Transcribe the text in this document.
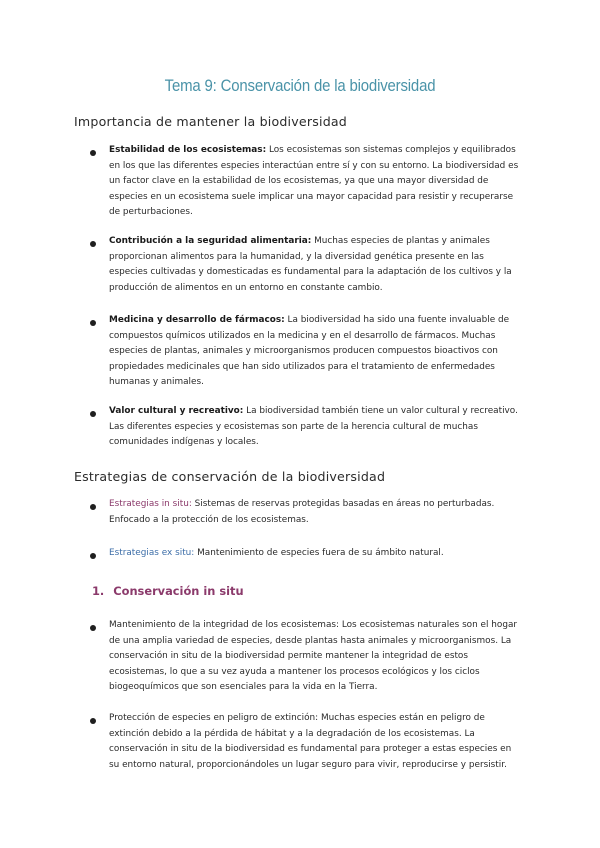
Tema 9: Conservación de la biodiversidad
Importancia de mantener la biodiversidad
Estabilidad de los ecosistemas: Los ecosistemas son sistemas complejos y equilibrados en los que las diferentes especies interactúan entre sí y con su entorno. La biodiversidad es un factor clave en la estabilidad de los ecosistemas, ya que una mayor diversidad de especies en un ecosistema suele implicar una mayor capacidad para resistir y recuperarse de perturbaciones.
Contribución a la seguridad alimentaria: Muchas especies de plantas y animales proporcionan alimentos para la humanidad, y la diversidad genética presente en las especies cultivadas y domesticadas es fundamental para la adaptación de los cultivos y la producción de alimentos en un entorno en constante cambio.
Medicina y desarrollo de fármacos: La biodiversidad ha sido una fuente invaluable de compuestos químicos utilizados en la medicina y en el desarrollo de fármacos. Muchas especies de plantas, animales y microorganismos producen compuestos bioactivos con propiedades medicinales que han sido utilizados para el tratamiento de enfermedades humanas y animales.
Valor cultural y recreativo: La biodiversidad también tiene un valor cultural y recreativo. Las diferentes especies y ecosistemas son parte de la herencia cultural de muchas comunidades indígenas y locales.
Estrategias de conservación de la biodiversidad
Estrategias in situ: Sistemas de reservas protegidas basadas en áreas no perturbadas. Enfocado a la protección de los ecosistemas.
Estrategias ex situ: Mantenimiento de especies fuera de su ámbito natural.
1. Conservación in situ
Mantenimiento de la integridad de los ecosistemas: Los ecosistemas naturales son el hogar de una amplia variedad de especies, desde plantas hasta animales y microorganismos. La conservación in situ de la biodiversidad permite mantener la integridad de estos ecosistemas, lo que a su vez ayuda a mantener los procesos ecológicos y los ciclos biogeoquímicos que son esenciales para la vida en la Tierra.
Protección de especies en peligro de extinción: Muchas especies están en peligro de extinción debido a la pérdida de hábitat y a la degradación de los ecosistemas. La conservación in situ de la biodiversidad es fundamental para proteger a estas especies en su entorno natural, proporcionándoles un lugar seguro para vivir, reproducirse y persistir.
